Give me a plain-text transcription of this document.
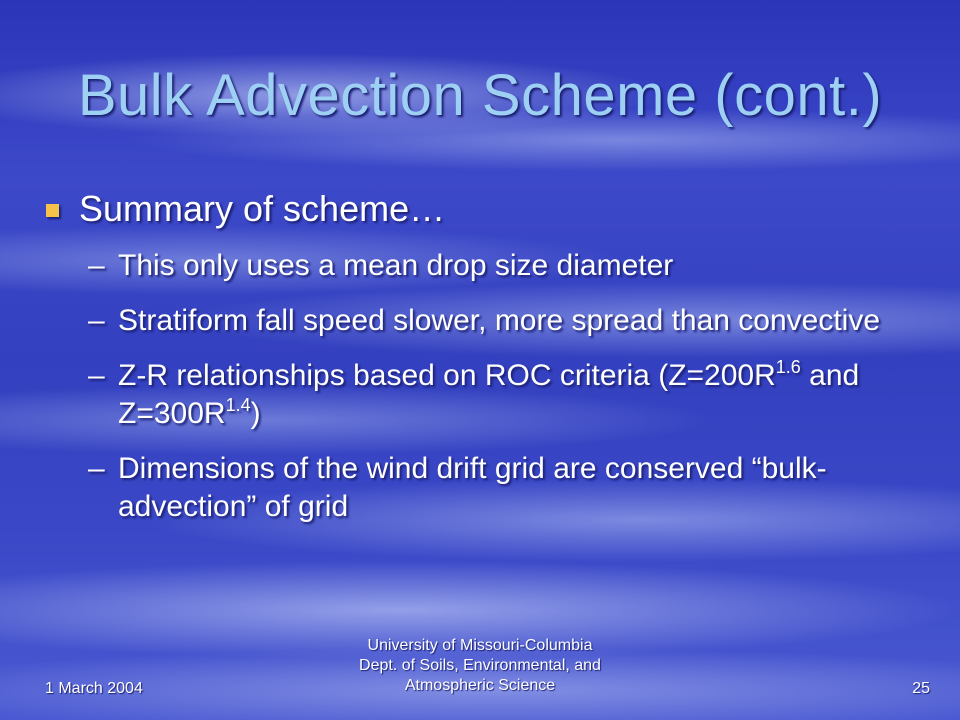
Bulk Advection Scheme (cont.)
Summary of scheme…
– This only uses a mean drop size diameter
– Stratiform fall speed slower, more spread than convective
– Z-R relationships based on ROC criteria ($Z=200R^{1.6}$ and $Z=300R^{1.4}$)
– Dimensions of the wind drift grid are conserved “bulk-advection” of grid
1 March 2004
University of Missouri-Columbia
Dept. of Soils, Environmental, and
Atmospheric Science	25
